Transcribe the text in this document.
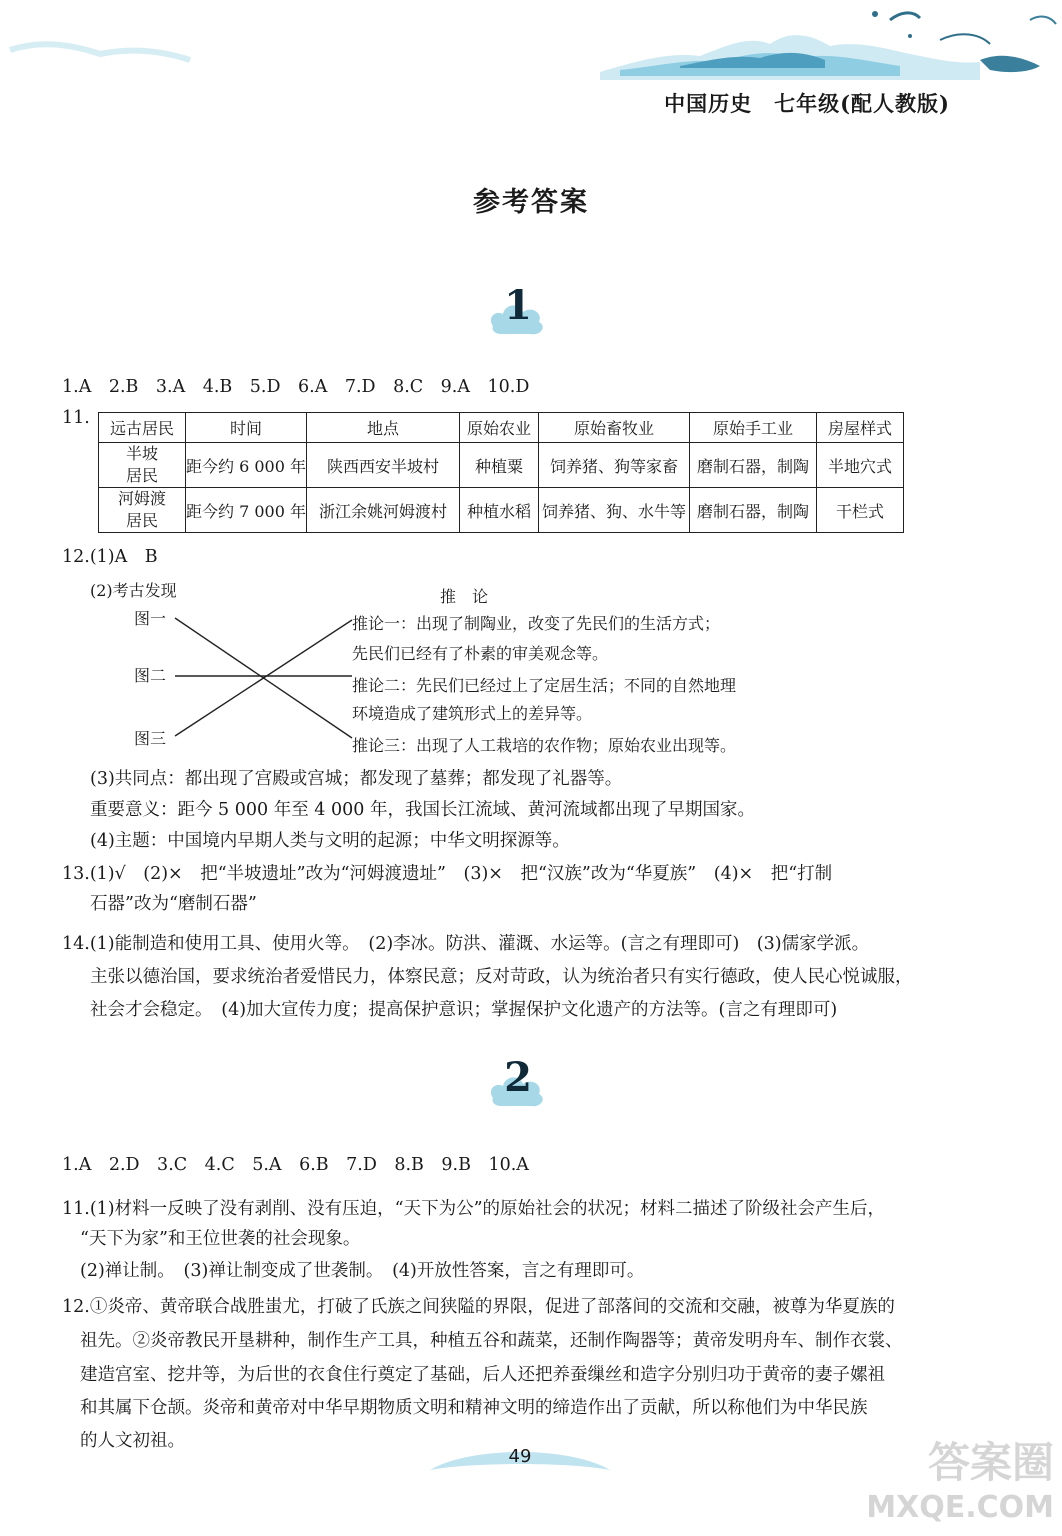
中国历史　七年级(配人教版)
参考答案
1
1.A　2.B　3.A　4.B　5.D　6.A　7.D　8.C　9.A　10.D
11.
远古居民	时间	地点	原始农业	原始畜牧业	原始手工业	房屋样式
半坡
居民	距今约 6 000 年	陕西西安半坡村	种植粟	饲养猪、狗等家畜	磨制石器，制陶	半地穴式
河姆渡
居民	距今约 7 000 年	浙江余姚河姆渡村	种植水稻	饲养猪、狗、水牛等	磨制石器，制陶	干栏式
12.(1)A　B
(2)考古发现	推　论
图一
图二
图三
推论一：出现了制陶业，改变了先民们的生活方式；
先民们已经有了朴素的审美观念等。
推论二：先民们已经过上了定居生活；不同的自然地理
环境造成了建筑形式上的差异等。
推论三：出现了人工栽培的农作物；原始农业出现等。
(3)共同点：都出现了宫殿或宫城；都发现了墓葬；都发现了礼器等。
重要意义：距今 5 000 年至 4 000 年，我国长江流域、黄河流域都出现了早期国家。
(4)主题：中国境内早期人类与文明的起源；中华文明探源等。
13.(1)√　(2)×　把“半坡遗址”改为“河姆渡遗址”　(3)×　把“汉族”改为“华夏族”　(4)×　把“打制
石器”改为“磨制石器”
14.(1)能制造和使用工具、使用火等。　(2)李冰。防洪、灌溉、水运等。(言之有理即可)　(3)儒家学派。
主张以德治国，要求统治者爱惜民力，体察民意；反对苛政，认为统治者只有实行德政，使人民心悦诚服，
社会才会稳定。　(4)加大宣传力度；提高保护意识；掌握保护文化遗产的方法等。(言之有理即可)
2
1.A　2.D　3.C　4.C　5.A　6.B　7.D　8.B　9.B　10.A
11.(1)材料一反映了没有剥削、没有压迫，“天下为公”的原始社会的状况；材料二描述了阶级社会产生后，
“天下为家”和王位世袭的社会现象。
(2)禅让制。　(3)禅让制变成了世袭制。　(4)开放性答案，言之有理即可。
12.①炎帝、黄帝联合战胜蚩尤，打破了氏族之间狭隘的界限，促进了部落间的交流和交融，被尊为华夏族的
祖先。②炎帝教民开垦耕种，制作生产工具，种植五谷和蔬菜，还制作陶器等；黄帝发明舟车、制作衣裳、
建造宫室、挖井等，为后世的衣食住行奠定了基础，后人还把养蚕缫丝和造字分别归功于黄帝的妻子嫘祖
和其属下仓颉。炎帝和黄帝对中华早期物质文明和精神文明的缔造作出了贡献，所以称他们为中华民族
的人文初祖。
49	答案圈
MXQE.COM
